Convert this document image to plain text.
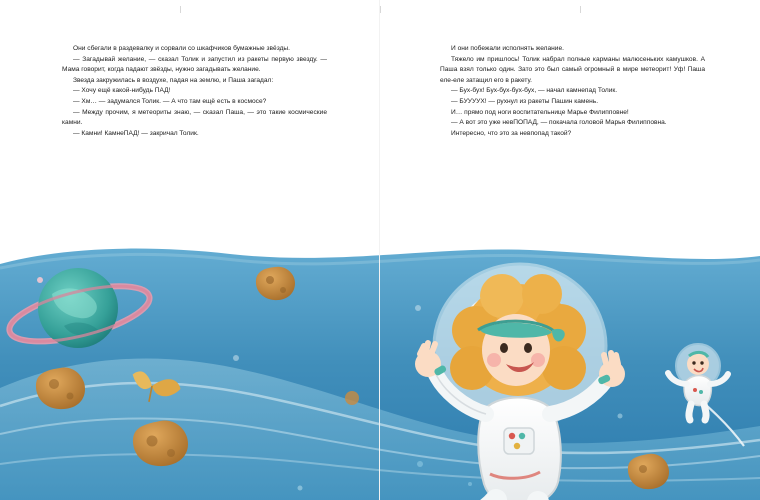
Они сбегали в раздевалку и сорвали со шкафчиков бумажные звёзды.

— Загадывай желание, — сказал Толик и запустил из ракеты первую звезду. — Мама говорит, когда падают звёзды, нужно загадывать желание.

Звезда закружилась в воздухе, падая на землю, и Паша загадал:

— Хочу ещё какой-нибудь ПАД!

— Хм… — задумался Толик. — А что там ещё есть в космосе?

— Между прочим, я метеориты знаю, — сказал Паша, — это такие космические камни.

— Камни! КамнеПАД! — закричал Толик.

И они побежали исполнять желание.

Тяжело им пришлось! Толик набрал полные карманы малюсеньких камушков. А Паша взял только один. Зато это был самый огромный в мире метеорит! Уф! Паша еле-еле затащил его в ракету.

— Бух-бух! Бух-бух-бух-бух, — начал камнепад Толик.

— БУУУУХ! — рухнул из ракеты Пашин камень.

И… прямо под ноги воспитательнице Марье Филипповне!

— А вот это уже невПОПАД, — покачала головой Марья Филипповна.

Интересно, что это за невпопад такой?
